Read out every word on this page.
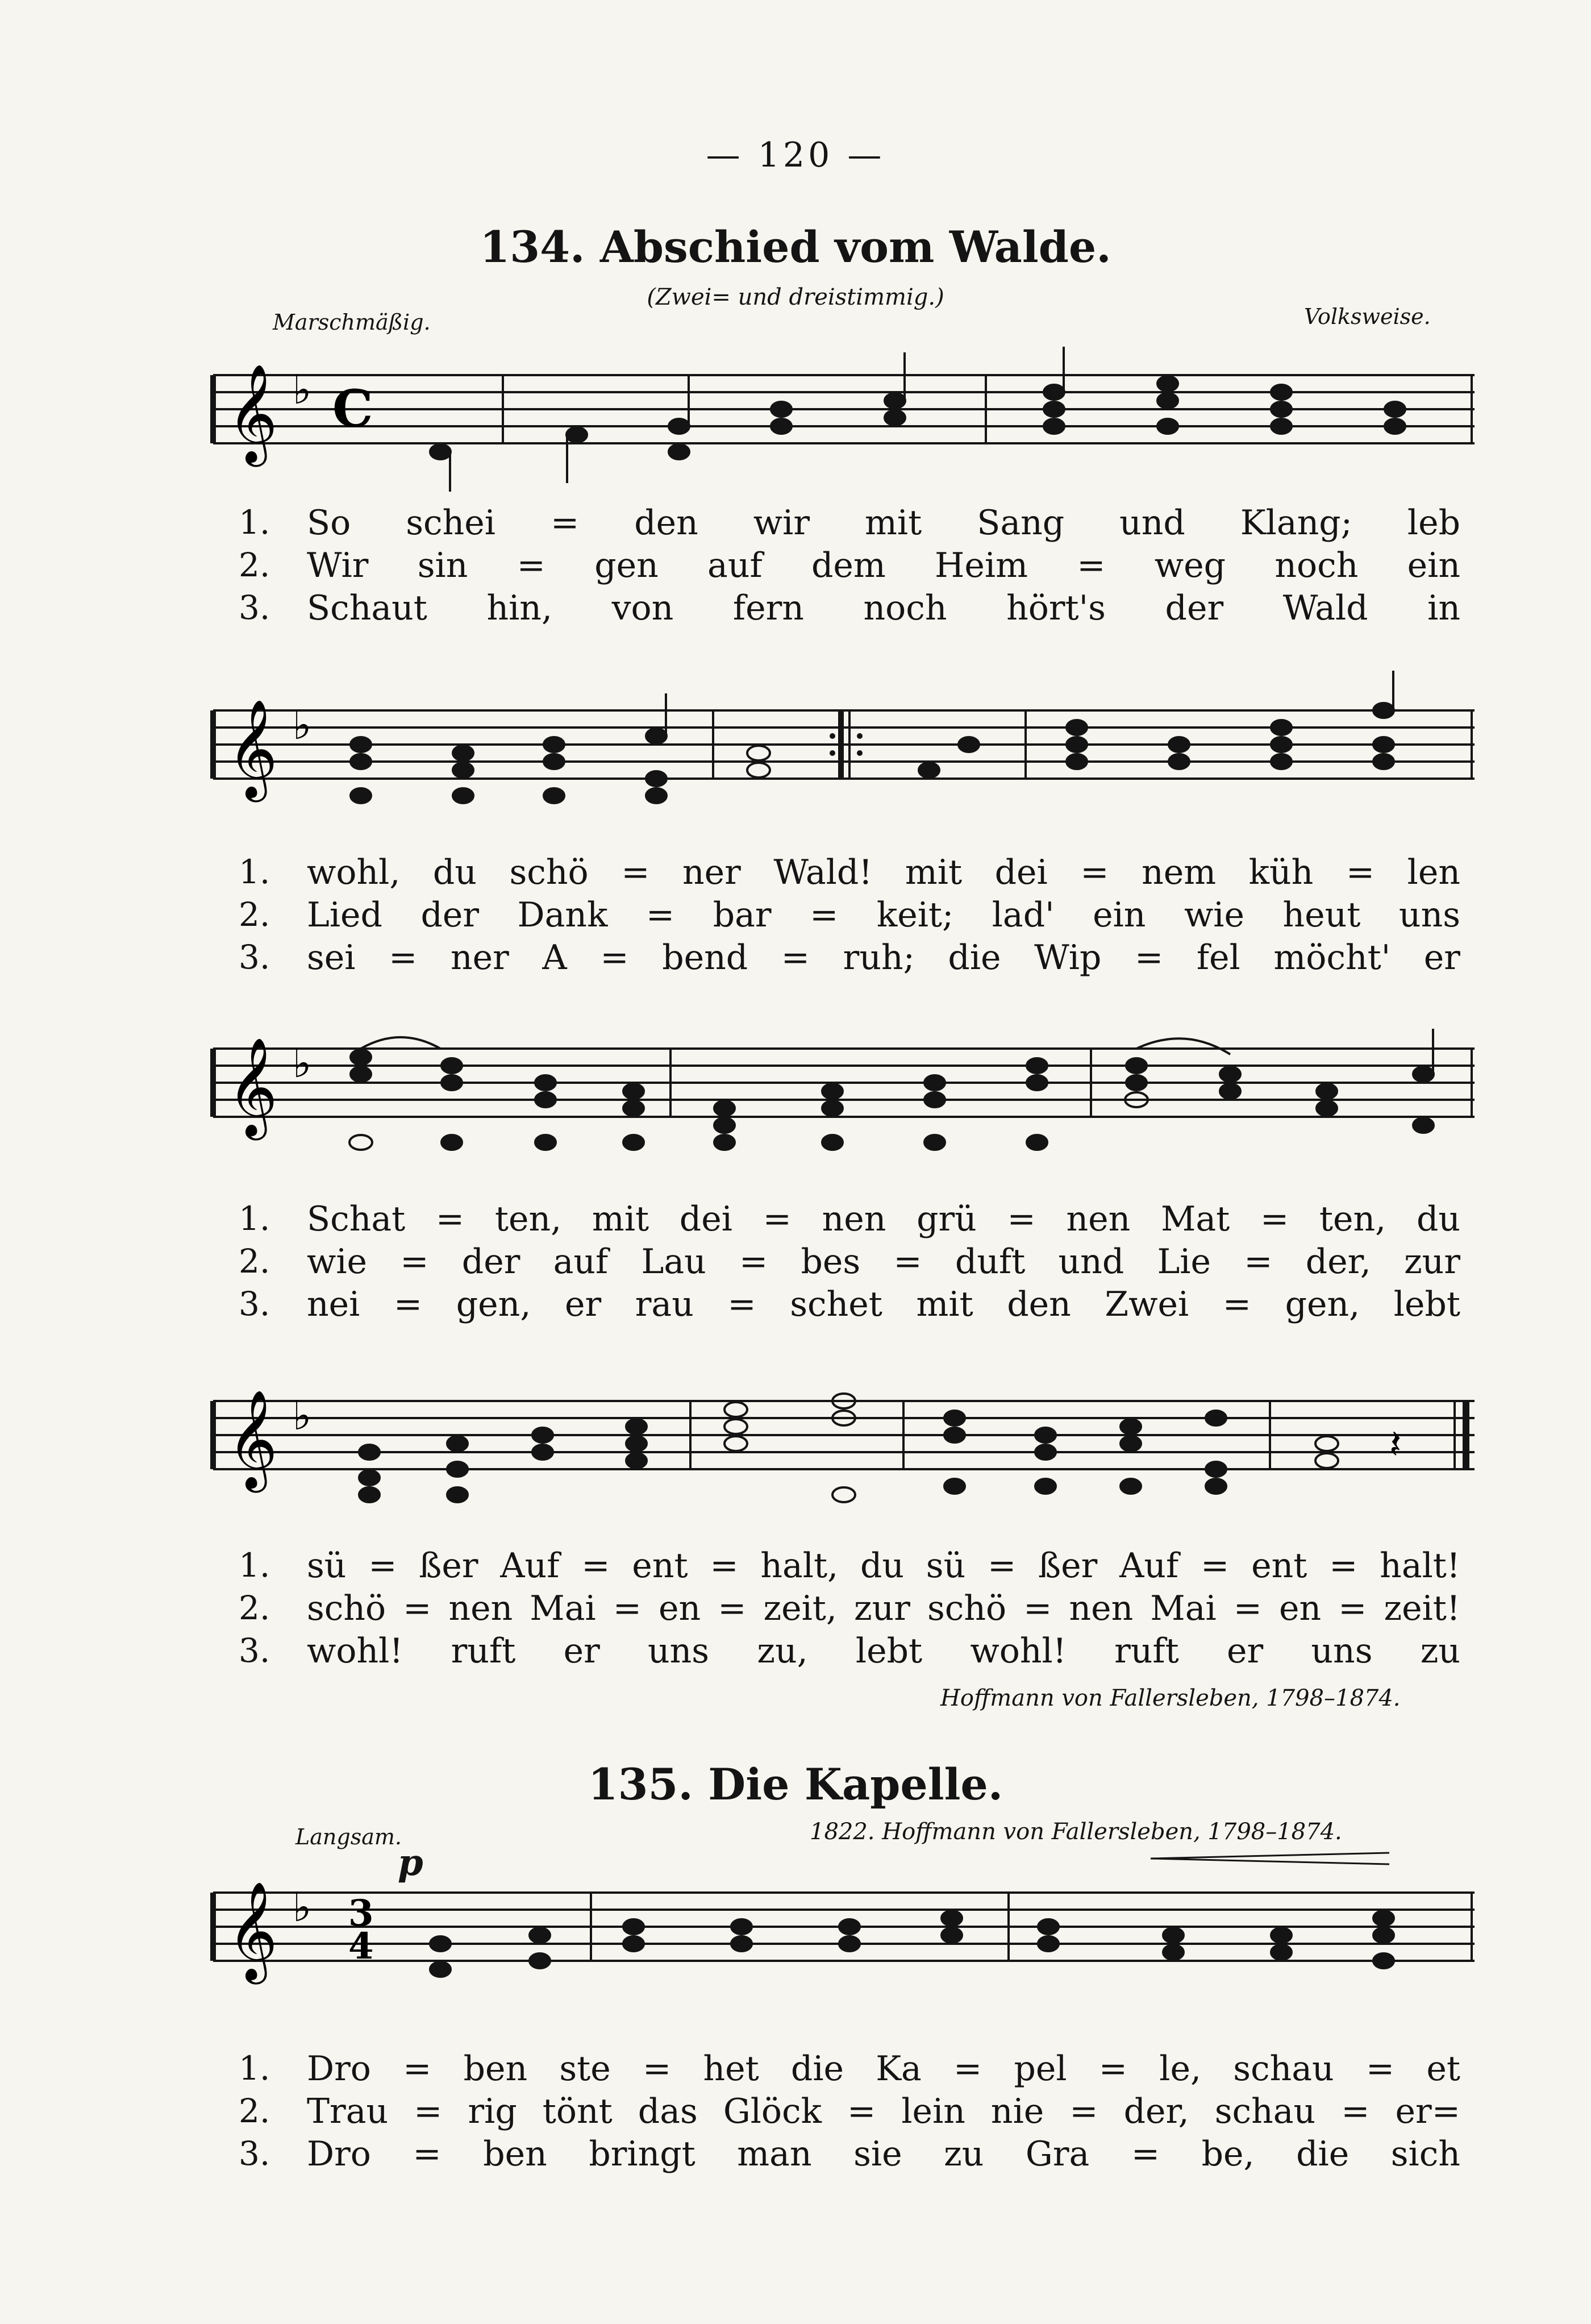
— 120 —
134. Abschied vom Walde.
(Zwei= und dreistimmig.)
Marschmäßig.	Volksweise.
𝄞 ♭ C
1. So schei = den wir mit Sang und Klang; leb
2. Wir sin = gen auf dem Heim = weg noch ein
3. Schaut hin, von fern noch hört's der Wald in
𝄞 ♭
1. wohl, du schö = ner Wald! mit dei = nem küh = len
2. Lied der Dank = bar = keit; lad' ein wie heut uns
3. sei = ner A = bend = ruh; die Wip = fel möcht' er
𝄞 ♭
1. Schat = ten, mit dei = nen grü = nen Mat = ten, du
2. wie = der auf Lau = bes = duft und Lie = der, zur
3. nei = gen, er rau = schet mit den Zwei = gen, lebt
𝄞 ♭
𝄽
1. sü = ßer Auf = ent = halt, du sü = ßer Auf = ent = halt!
2. schö = nen Mai = en = zeit, zur schö = nen Mai = en = zeit!
3. wohl! ruft er uns zu, lebt wohl! ruft er uns zu
Hoffmann von Fallersleben, 1798–1874.
135. Die Kapelle.
Langsam.	1822. Hoffmann von Fallersleben, 1798–1874.
p
𝄞 ♭ 3
4
1. Dro = ben ste = het die Ka = pel = le, schau = et
2. Trau = rig tönt das Glöck = lein nie = der, schau = er=
3. Dro = ben bringt man sie zu Gra = be, die sich
